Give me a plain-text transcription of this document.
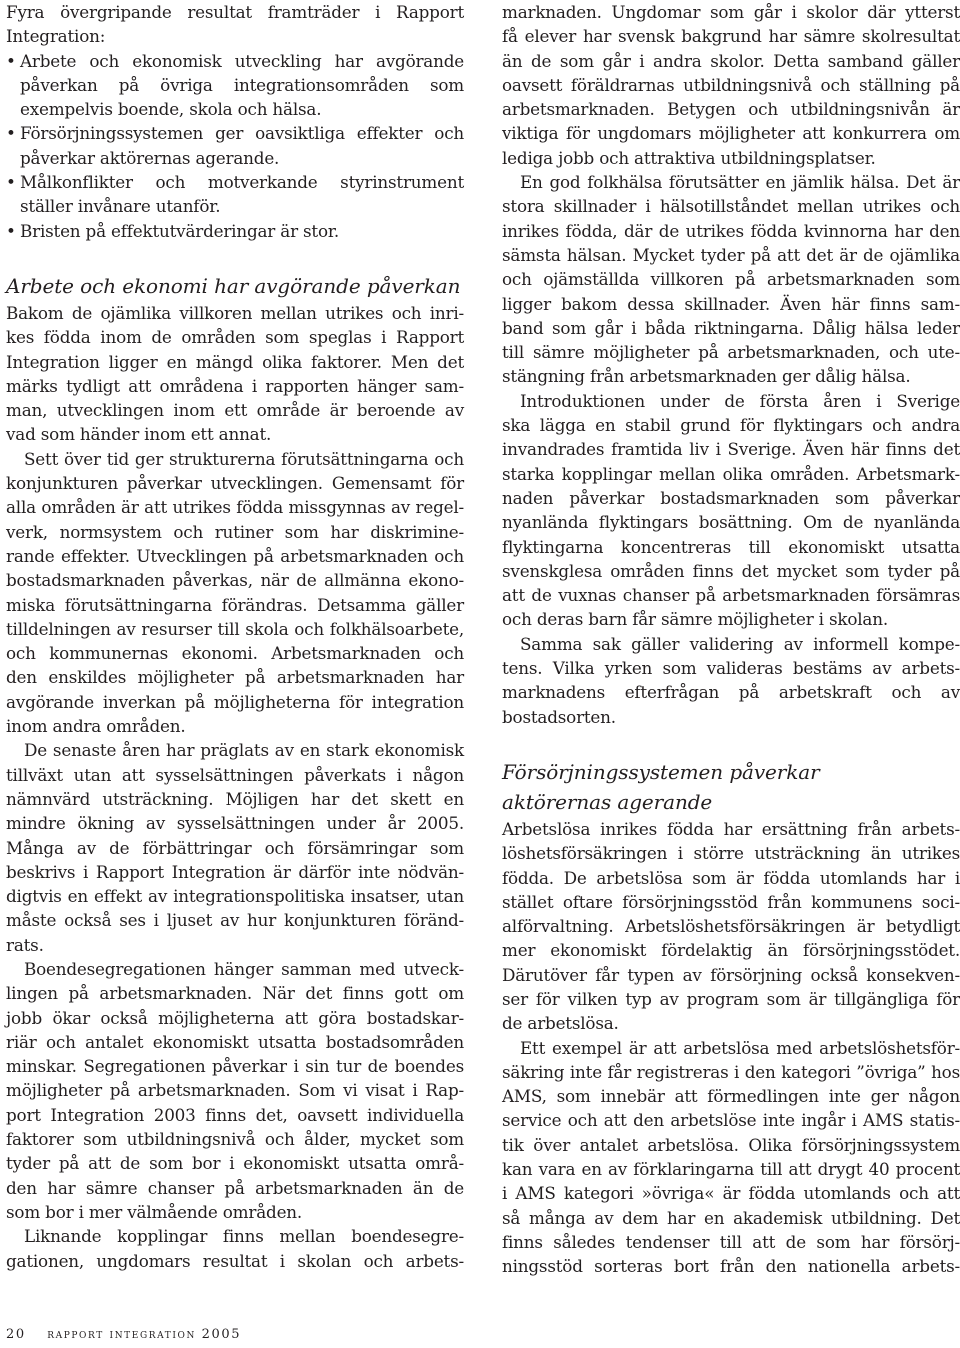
Fyra övergripande resultat framträder i Rapport
Integration:
• Arbete och ekonomisk utveckling har avgörande
påverkan på övriga integrationsområden som
exempelvis boende, skola och hälsa.
• Försörjningssystemen ger oavsiktliga effekter och
påverkar aktörernas agerande.
• Målkonflikter och motverkande styrinstrument
ställer invånare utanför.
• Bristen på effektutvärderingar är stor.
Arbete och ekonomi har avgörande påverkan
Bakom de ojämlika villkoren mellan utrikes och inri-
kes födda inom de områden som speglas i Rapport
Integration ligger en mängd olika faktorer. Men det
märks tydligt att områdena i rapporten hänger sam-
man, utvecklingen inom ett område är beroende av
vad som händer inom ett annat.
Sett över tid ger strukturerna förutsättningarna och
konjunkturen påverkar utvecklingen. Gemensamt för
alla områden är att utrikes födda missgynnas av regel-
verk, normsystem och rutiner som har diskrimine-
rande effekter. Utvecklingen på arbetsmarknaden och
bostadsmarknaden påverkas, när de allmänna ekono-
miska förutsättningarna förändras. Detsamma gäller
tilldelningen av resurser till skola och folkhälsoarbete,
och kommunernas ekonomi. Arbetsmarknaden och
den enskildes möjligheter på arbetsmarknaden har
avgörande inverkan på möjligheterna för integration
inom andra områden.
De senaste åren har präglats av en stark ekonomisk
tillväxt utan att sysselsättningen påverkats i någon
nämnvärd utsträckning. Möjligen har det skett en
mindre ökning av sysselsättningen under år 2005.
Många av de förbättringar och försämringar som
beskrivs i Rapport Integration är därför inte nödvän-
digtvis en effekt av integrationspolitiska insatser, utan
måste också ses i ljuset av hur konjunkturen föränd-
rats.
Boendesegregationen hänger samman med utveck-
lingen på arbetsmarknaden. När det finns gott om
jobb ökar också möjligheterna att göra bostadskar-
riär och antalet ekonomiskt utsatta bostadsområden
minskar. Segregationen påverkar i sin tur de boendes
möjligheter på arbetsmarknaden. Som vi visat i Rap-
port Integration 2003 finns det, oavsett individuella
faktorer som utbildningsnivå och ålder, mycket som
tyder på att de som bor i ekonomiskt utsatta områ-
den har sämre chanser på arbetsmarknaden än de
som bor i mer välmående områden.
Liknande kopplingar finns mellan boendesegre-
gationen, ungdomars resultat i skolan och arbets-
marknaden. Ungdomar som går i skolor där ytterst
få elever har svensk bakgrund har sämre skolresultat
än de som går i andra skolor. Detta samband gäller
oavsett föräldrarnas utbildningsnivå och ställning på
arbetsmarknaden. Betygen och utbildningsnivån är
viktiga för ungdomars möjligheter att konkurrera om
lediga jobb och attraktiva utbildningsplatser.
En god folkhälsa förutsätter en jämlik hälsa. Det är
stora skillnader i hälsotillståndet mellan utrikes och
inrikes födda, där de utrikes födda kvinnorna har den
sämsta hälsan. Mycket tyder på att det är de ojämlika
och ojämställda villkoren på arbetsmarknaden som
ligger bakom dessa skillnader. Även här finns sam-
band som går i båda riktningarna. Dålig hälsa leder
till sämre möjligheter på arbetsmarknaden, och ute-
stängning från arbetsmarknaden ger dålig hälsa.
Introduktionen under de första åren i Sverige
ska lägga en stabil grund för flyktingars och andra
invandrades framtida liv i Sverige. Även här finns det
starka kopplingar mellan olika områden. Arbetsmark-
naden påverkar bostadsmarknaden som påverkar
nyanlända flyktingars bosättning. Om de nyanlända
flyktingarna koncentreras till ekonomiskt utsatta
svenskglesa områden finns det mycket som tyder på
att de vuxnas chanser på arbetsmarknaden försämras
och deras barn får sämre möjligheter i skolan.
Samma sak gäller validering av informell kompe-
tens. Vilka yrken som valideras bestäms av arbets-
marknadens efterfrågan på arbetskraft och av
bostadsorten.
Försörjningssystemen påverkar
aktörernas agerande
Arbetslösa inrikes födda har ersättning från arbets-
löshetsförsäkringen i större utsträckning än utrikes
födda. De arbetslösa som är födda utomlands har i
stället oftare försörjningsstöd från kommunens soci-
alförvaltning. Arbetslöshetsförsäkringen är betydligt
mer ekonomiskt fördelaktig än försörjningsstödet.
Därutöver får typen av försörjning också konsekven-
ser för vilken typ av program som är tillgängliga för
de arbetslösa.
Ett exempel är att arbetslösa med arbetslöshetsför-
säkring inte får registreras i den kategori ”övriga” hos
AMS, som innebär att förmedlingen inte ger någon
service och att den arbetslöse inte ingår i AMS statis-
tik över antalet arbetslösa. Olika försörjningssystem
kan vara en av förklaringarna till att drygt 40 procent
i AMS kategori »övriga« är födda utomlands och att
så många av dem har en akademisk utbildning. Det
finns således tendenser till att de som har försörj-
ningsstöd sorteras bort från den nationella arbets-
20 rapport integration 2005
